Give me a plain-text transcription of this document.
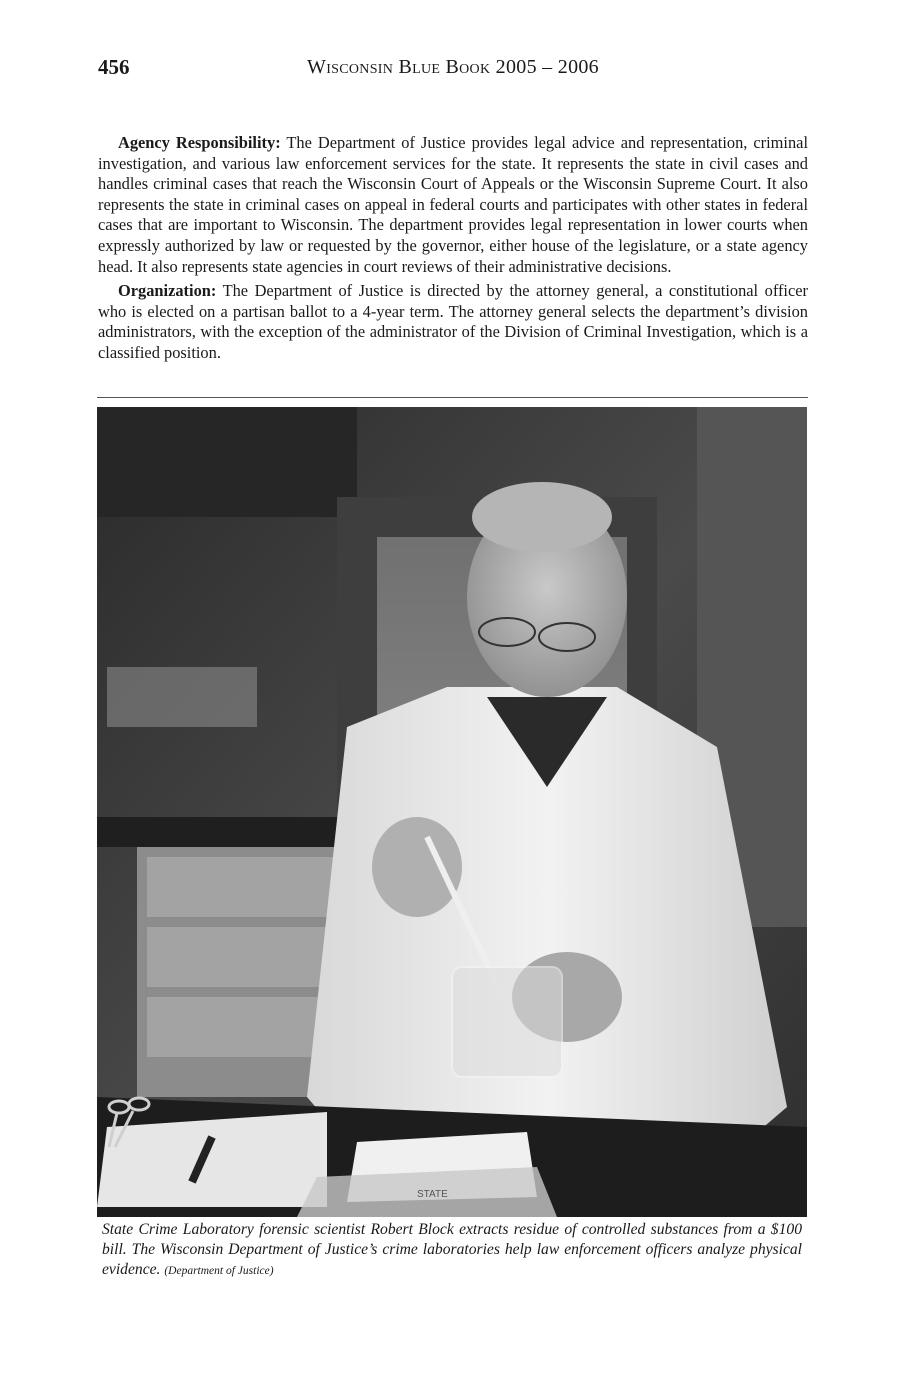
456	Wisconsin Blue Book 2005 – 2006

Agency Responsibility: The Department of Justice provides legal advice and representation, criminal investigation, and various law enforcement services for the state. It represents the state in civil cases and handles criminal cases that reach the Wisconsin Court of Appeals or the Wisconsin Supreme Court. It also represents the state in criminal cases on appeal in federal courts and participates with other states in federal cases that are important to Wisconsin. The department provides legal representation in lower courts when expressly authorized by law or requested by the governor, either house of the legislature, or a state agency head. It also represents state agencies in court reviews of their administrative decisions.

Organization: The Department of Justice is directed by the attorney general, a constitutional officer who is elected on a partisan ballot to a 4-year term. The attorney general selects the department’s division administrators, with the exception of the administrator of the Division of Criminal Investigation, which is a classified position.

STATE
State Crime Laboratory forensic scientist Robert Block extracts residue of controlled substances from a $100 bill. The Wisconsin Department of Justice’s crime laboratories help law enforcement officers analyze physical evidence. (Department of Justice)
